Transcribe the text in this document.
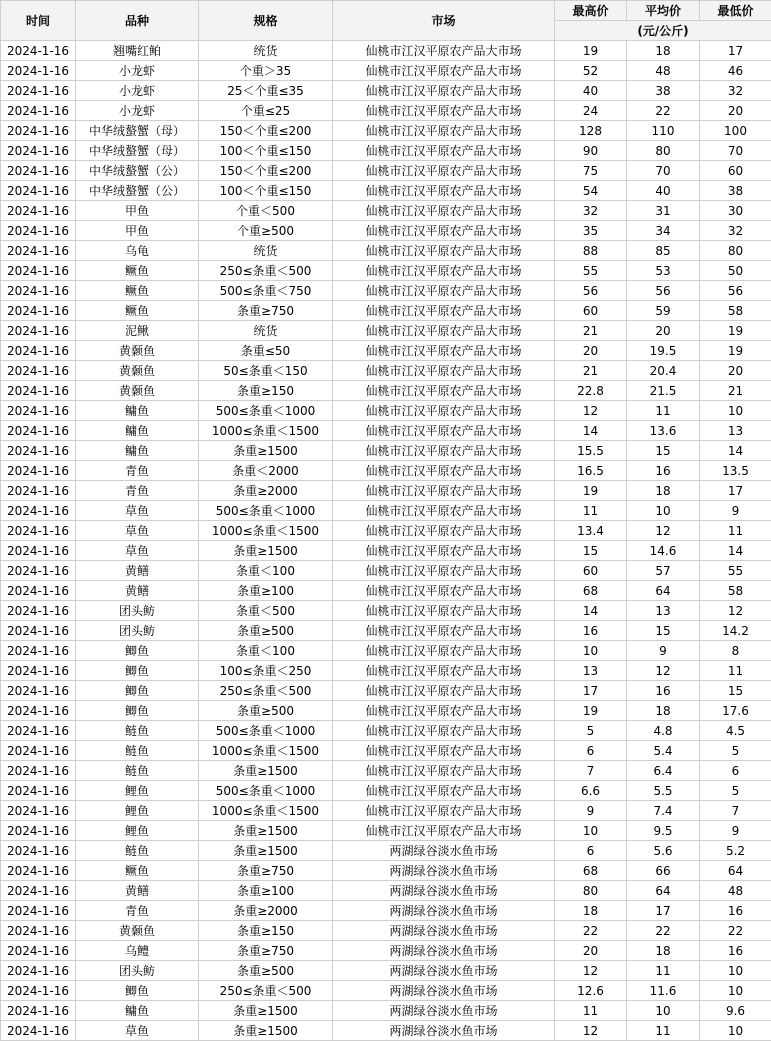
时间	品种	规格	市场	最高价	平均价	最低价
				(元/公斤)		
2024-1-16	翘嘴红鲌	统货	仙桃市江汉平原农产品大市场	19	18	17
2024-1-16	小龙虾	个重＞35	仙桃市江汉平原农产品大市场	52	48	46
2024-1-16	小龙虾	25＜个重≤35	仙桃市江汉平原农产品大市场	40	38	32
2024-1-16	小龙虾	个重≤25	仙桃市江汉平原农产品大市场	24	22	20
2024-1-16	中华绒螯蟹（母）	150＜个重≤200	仙桃市江汉平原农产品大市场	128	110	100
2024-1-16	中华绒螯蟹（母）	100＜个重≤150	仙桃市江汉平原农产品大市场	90	80	70
2024-1-16	中华绒螯蟹（公）	150＜个重≤200	仙桃市江汉平原农产品大市场	75	70	60
2024-1-16	中华绒螯蟹（公）	100＜个重≤150	仙桃市江汉平原农产品大市场	54	40	38
2024-1-16	甲鱼	个重＜500	仙桃市江汉平原农产品大市场	32	31	30
2024-1-16	甲鱼	个重≥500	仙桃市江汉平原农产品大市场	35	34	32
2024-1-16	乌龟	统货	仙桃市江汉平原农产品大市场	88	85	80
2024-1-16	鳜鱼	250≤条重＜500	仙桃市江汉平原农产品大市场	55	53	50
2024-1-16	鳜鱼	500≤条重＜750	仙桃市江汉平原农产品大市场	56	56	56
2024-1-16	鳜鱼	条重≥750	仙桃市江汉平原农产品大市场	60	59	58
2024-1-16	泥鳅	统货	仙桃市江汉平原农产品大市场	21	20	19
2024-1-16	黄颡鱼	条重≤50	仙桃市江汉平原农产品大市场	20	19.5	19
2024-1-16	黄颡鱼	50≤条重＜150	仙桃市江汉平原农产品大市场	21	20.4	20
2024-1-16	黄颡鱼	条重≥150	仙桃市江汉平原农产品大市场	22.8	21.5	21
2024-1-16	鳙鱼	500≤条重＜1000	仙桃市江汉平原农产品大市场	12	11	10
2024-1-16	鳙鱼	1000≤条重＜1500	仙桃市江汉平原农产品大市场	14	13.6	13
2024-1-16	鳙鱼	条重≥1500	仙桃市江汉平原农产品大市场	15.5	15	14
2024-1-16	青鱼	条重＜2000	仙桃市江汉平原农产品大市场	16.5	16	13.5
2024-1-16	青鱼	条重≥2000	仙桃市江汉平原农产品大市场	19	18	17
2024-1-16	草鱼	500≤条重＜1000	仙桃市江汉平原农产品大市场	11	10	9
2024-1-16	草鱼	1000≤条重＜1500	仙桃市江汉平原农产品大市场	13.4	12	11
2024-1-16	草鱼	条重≥1500	仙桃市江汉平原农产品大市场	15	14.6	14
2024-1-16	黄鳝	条重＜100	仙桃市江汉平原农产品大市场	60	57	55
2024-1-16	黄鳝	条重≥100	仙桃市江汉平原农产品大市场	68	64	58
2024-1-16	团头鲂	条重＜500	仙桃市江汉平原农产品大市场	14	13	12
2024-1-16	团头鲂	条重≥500	仙桃市江汉平原农产品大市场	16	15	14.2
2024-1-16	鲫鱼	条重＜100	仙桃市江汉平原农产品大市场	10	9	8
2024-1-16	鲫鱼	100≤条重＜250	仙桃市江汉平原农产品大市场	13	12	11
2024-1-16	鲫鱼	250≤条重＜500	仙桃市江汉平原农产品大市场	17	16	15
2024-1-16	鲫鱼	条重≥500	仙桃市江汉平原农产品大市场	19	18	17.6
2024-1-16	鲢鱼	500≤条重＜1000	仙桃市江汉平原农产品大市场	5	4.8	4.5
2024-1-16	鲢鱼	1000≤条重＜1500	仙桃市江汉平原农产品大市场	6	5.4	5
2024-1-16	鲢鱼	条重≥1500	仙桃市江汉平原农产品大市场	7	6.4	6
2024-1-16	鲤鱼	500≤条重＜1000	仙桃市江汉平原农产品大市场	6.6	5.5	5
2024-1-16	鲤鱼	1000≤条重＜1500	仙桃市江汉平原农产品大市场	9	7.4	7
2024-1-16	鲤鱼	条重≥1500	仙桃市江汉平原农产品大市场	10	9.5	9
2024-1-16	鲢鱼	条重≥1500	两湖绿谷淡水鱼市场	6	5.6	5.2
2024-1-16	鳜鱼	条重≥750	两湖绿谷淡水鱼市场	68	66	64
2024-1-16	黄鳝	条重≥100	两湖绿谷淡水鱼市场	80	64	48
2024-1-16	青鱼	条重≥2000	两湖绿谷淡水鱼市场	18	17	16
2024-1-16	黄颡鱼	条重≥150	两湖绿谷淡水鱼市场	22	22	22
2024-1-16	乌鳢	条重≥750	两湖绿谷淡水鱼市场	20	18	16
2024-1-16	团头鲂	条重≥500	两湖绿谷淡水鱼市场	12	11	10
2024-1-16	鲫鱼	250≤条重＜500	两湖绿谷淡水鱼市场	12.6	11.6	10
2024-1-16	鳙鱼	条重≥1500	两湖绿谷淡水鱼市场	11	10	9.6
2024-1-16	草鱼	条重≥1500	两湖绿谷淡水鱼市场	12	11	10
